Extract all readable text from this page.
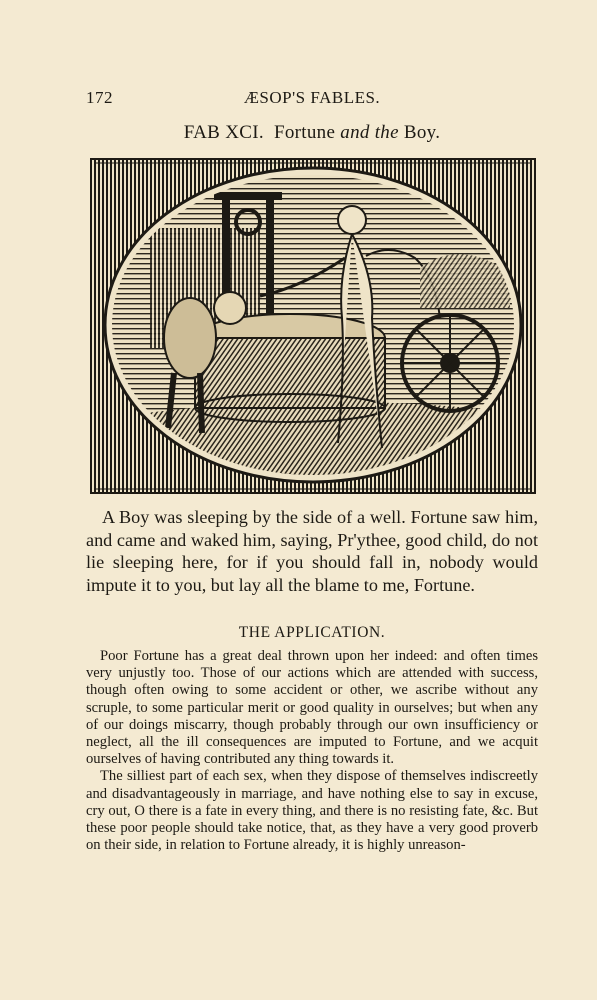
172	ÆSOP'S FABLES.
FAB XCI. Fortune and the Boy.

A Boy was sleeping by the side of a well. Fortune saw him, and came and waked him, saying, Pr'ythee, good child, do not lie sleeping here, for if you should fall in, nobody would impute it to you, but lay all the blame to me, Fortune.

THE APPLICATION.

Poor Fortune has a great deal thrown upon her indeed: and often times very unjustly too. Those of our actions which are attended with success, though often owing to some accident or other, we ascribe without any scruple, to some particular merit or good quality in ourselves; but when any of our doings miscarry, though probably through our own insufficiency or neglect, all the ill consequences are imputed to Fortune, and we acquit ourselves of having contributed any thing towards it.

The silliest part of each sex, when they dispose of themselves indiscreetly and disadvantageously in marriage, and have nothing else to say in excuse, cry out, O there is a fate in every thing, and there is no resisting fate, &c. But these poor people should take notice, that, as they have a very good proverb on their side, in relation to Fortune already, it is highly unreason-
